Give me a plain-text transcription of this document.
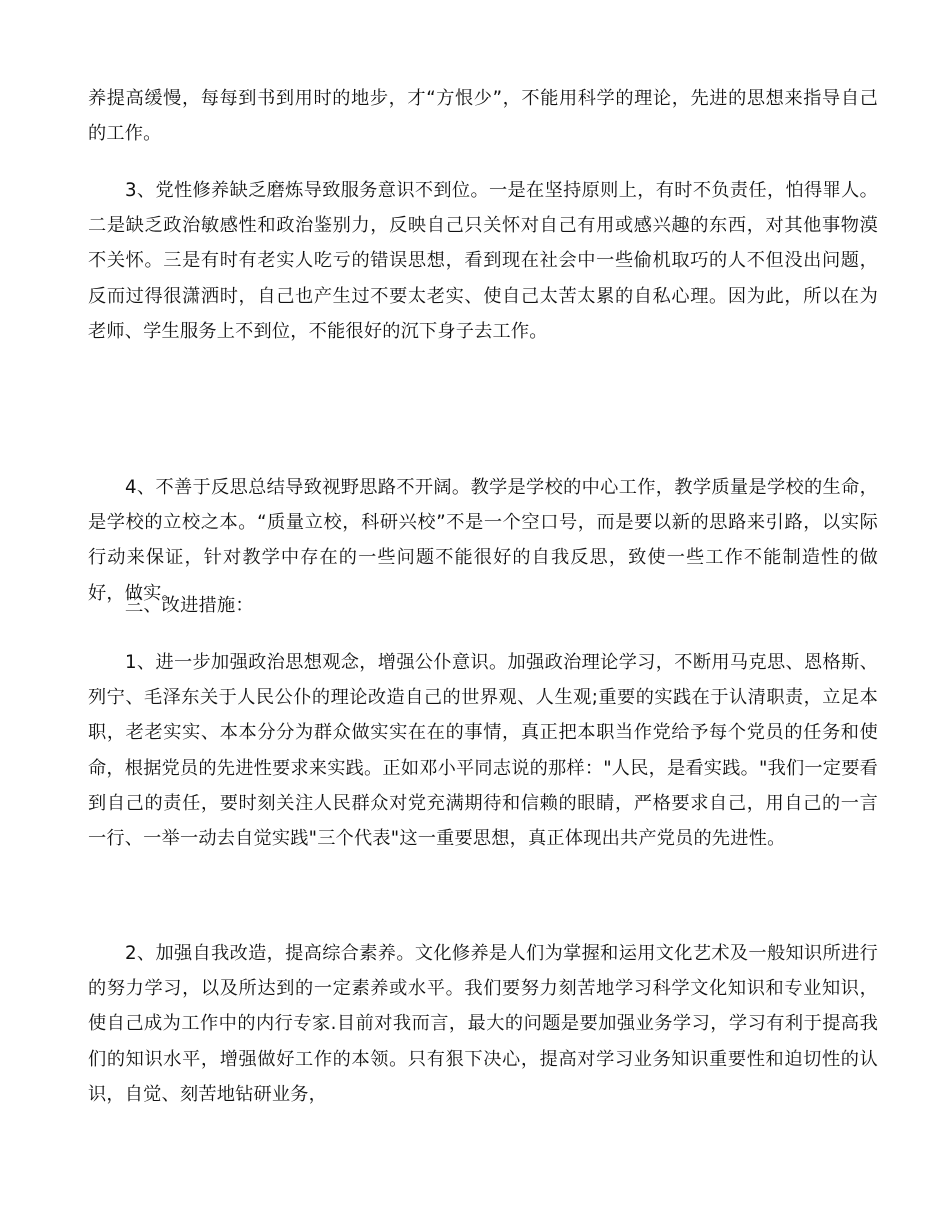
养提高缓慢，每每到书到用时的地步，才“方恨少”，不能用科学的理论，先进的思想来指导自己的工作。

3、党性修养缺乏磨炼导致服务意识不到位。一是在坚持原则上，有时不负责任，怕得罪人。二是缺乏政治敏感性和政治鉴别力，反映自己只关怀对自己有用或感兴趣的东西，对其他事物漠不关怀。三是有时有老实人吃亏的错误思想，看到现在社会中一些偷机取巧的人不但没出问题，反而过得很潇洒时，自己也产生过不要太老实、使自己太苦太累的自私心理。因为此，所以在为老师、学生服务上不到位，不能很好的沉下身子去工作。

4、不善于反思总结导致视野思路不开阔。教学是学校的中心工作，教学质量是学校的生命，是学校的立校之本。“质量立校，科研兴校”不是一个空口号，而是要以新的思路来引路，以实际行动来保证，针对教学中存在的一些问题不能很好的自我反思，致使一些工作不能制造性的做好，做实。

三、改进措施：

1、进一步加强政治思想观念，增强公仆意识。加强政治理论学习，不断用马克思、恩格斯、列宁、毛泽东关于人民公仆的理论改造自己的世界观、人生观;重要的实践在于认清职责，立足本职，老老实实、本本分分为群众做实实在在的事情，真正把本职当作党给予每个党员的任务和使命，根据党员的先进性要求来实践。正如邓小平同志说的那样："人民，是看实践。"我们一定要看到自己的责任，要时刻关注人民群众对党充满期待和信赖的眼睛，严格要求自己，用自己的一言一行、一举一动去自觉实践"三个代表"这一重要思想，真正体现出共产党员的先进性。

2、加强自我改造，提高综合素养。文化修养是人们为掌握和运用文化艺术及一般知识所进行的努力学习，以及所达到的一定素养或水平。我们要努力刻苦地学习科学文化知识和专业知识，使自己成为工作中的内行专家.目前对我而言，最大的问题是要加强业务学习，学习有利于提高我们的知识水平，增强做好工作的本领。只有狠下决心，提高对学习业务知识重要性和迫切性的认识，自觉、刻苦地钻研业务，
